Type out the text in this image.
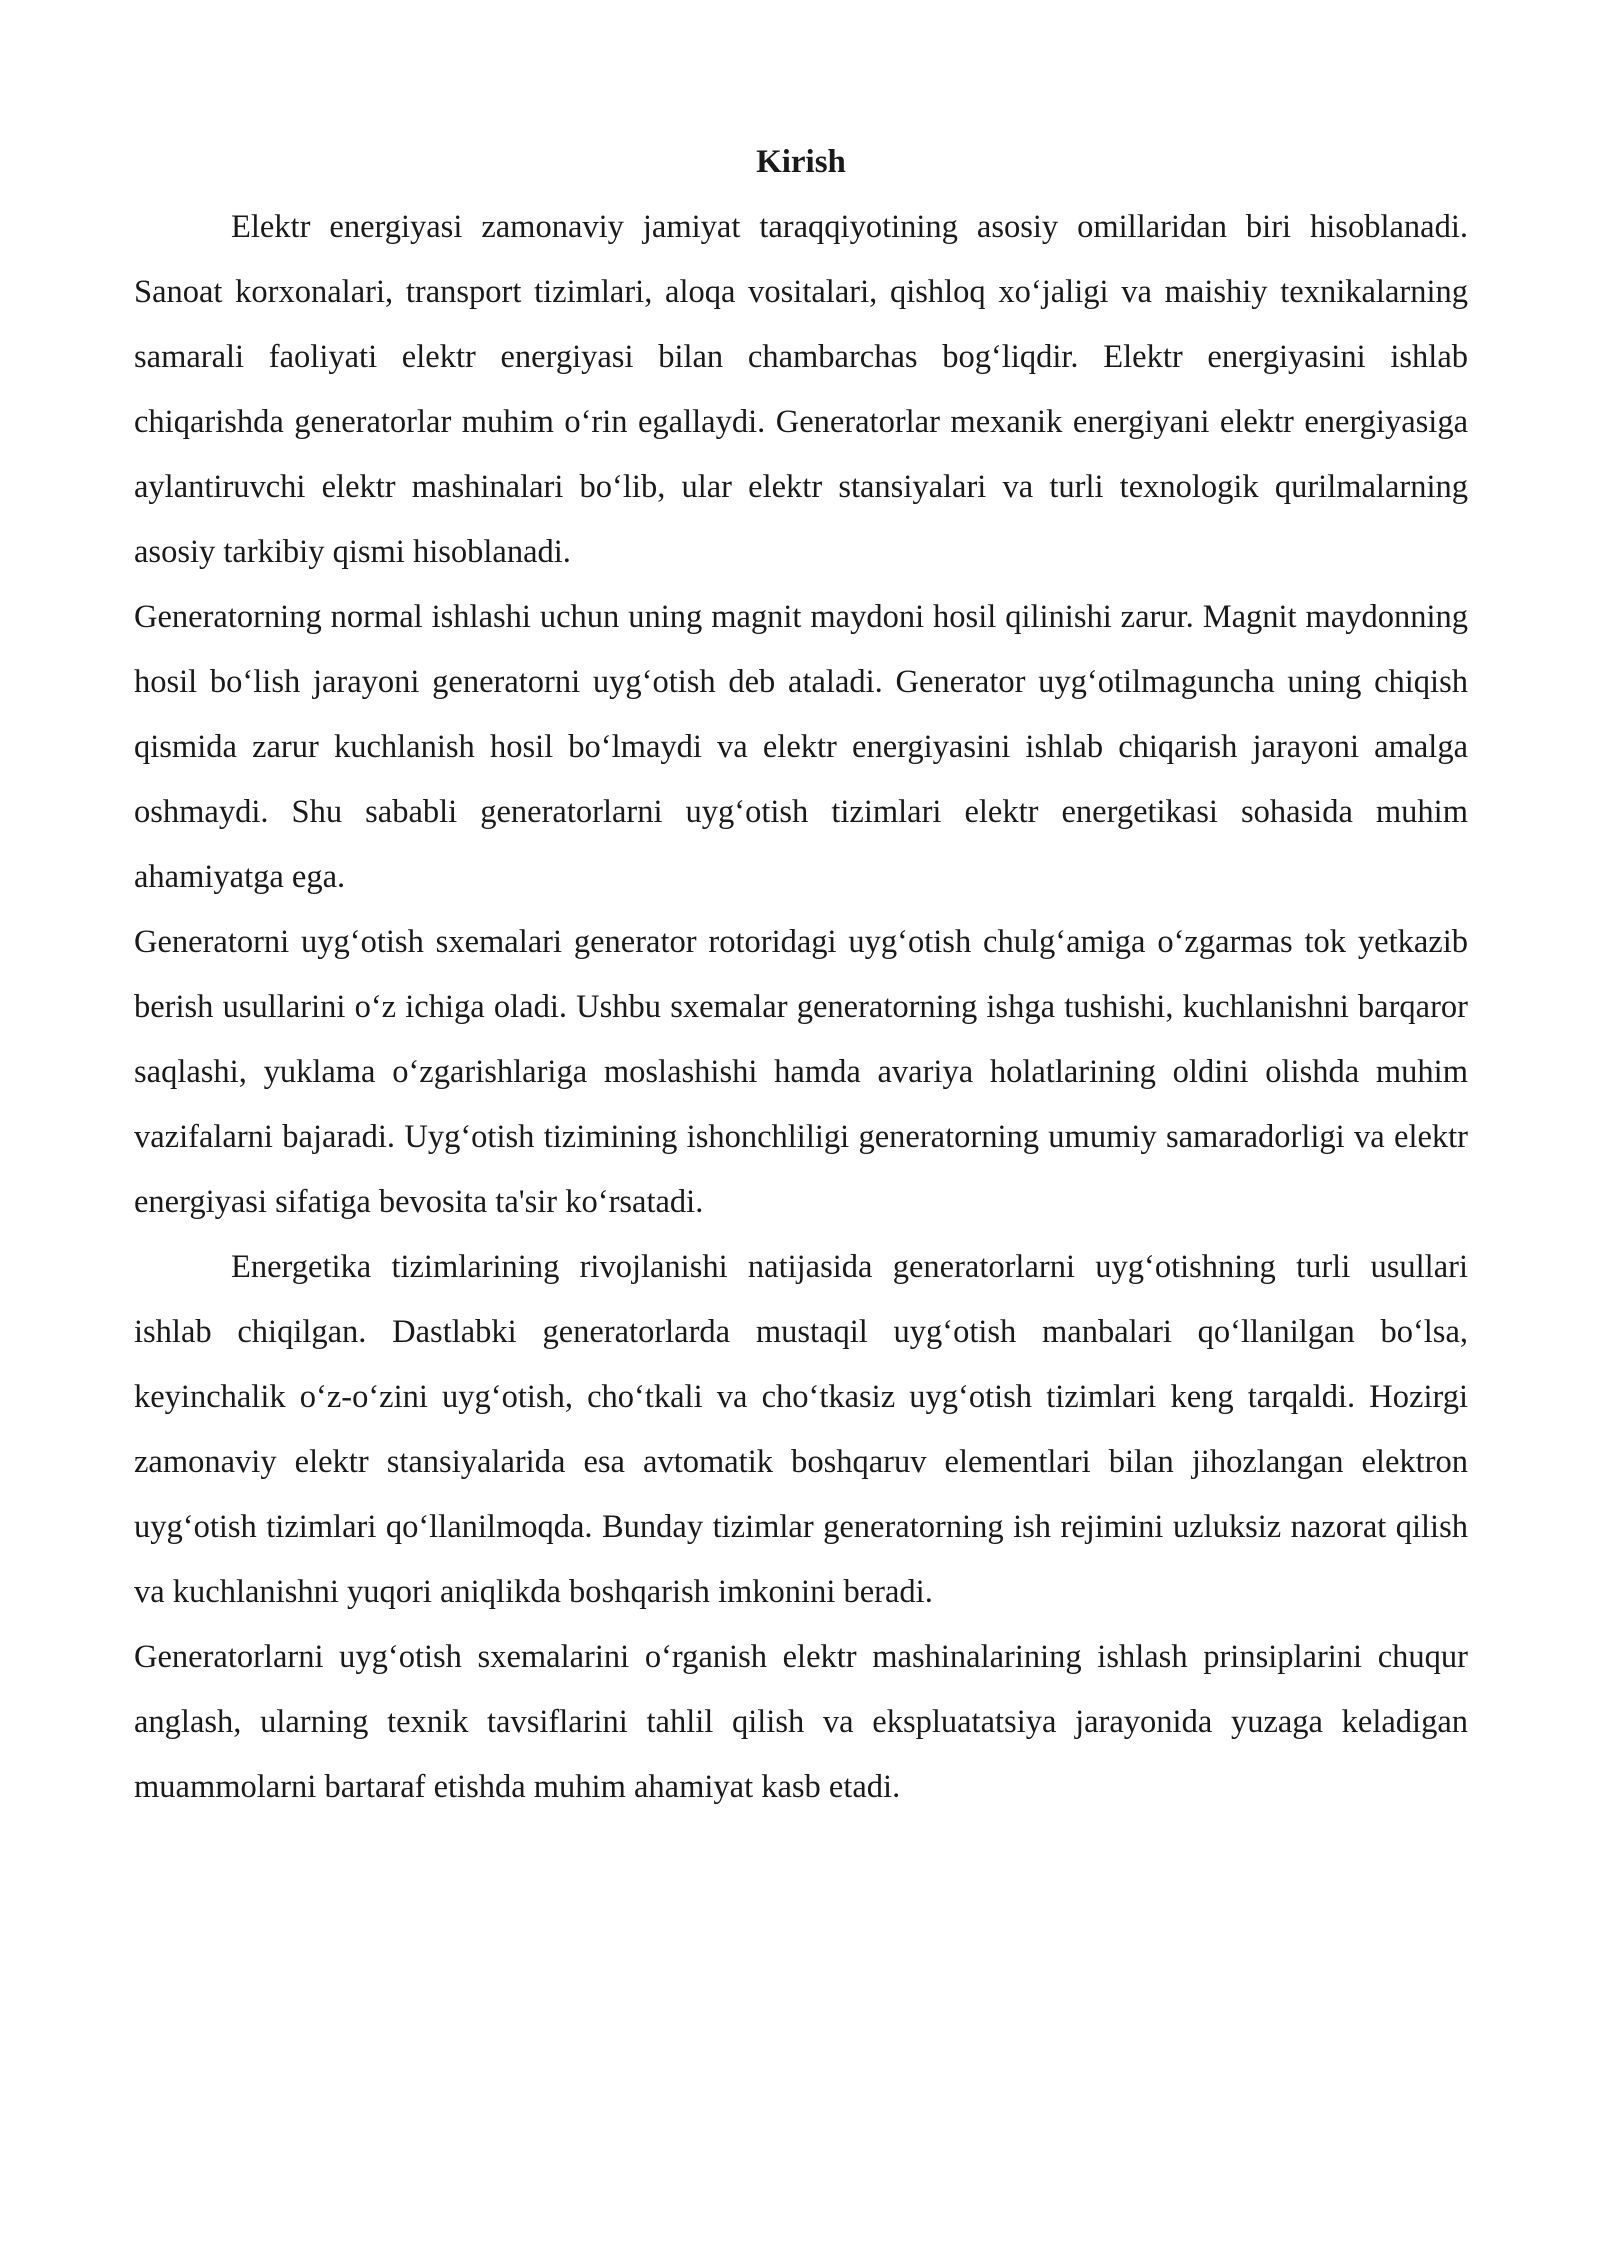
Kirish

Elektr energiyasi zamonaviy jamiyat taraqqiyotining asosiy omillaridan biri hisoblanadi. Sanoat korxonalari, transport tizimlari, aloqa vositalari, qishloq xo‘jaligi va maishiy texnikalarning samarali faoliyati elektr energiyasi bilan chambarchas bog‘liqdir. Elektr energiyasini ishlab chiqarishda generatorlar muhim o‘rin egallaydi. Generatorlar mexanik energiyani elektr energiyasiga aylantiruvchi elektr mashinalari bo‘lib, ular elektr stansiyalari va turli texnologik qurilmalarning asosiy tarkibiy qismi hisoblanadi.

Generatorning normal ishlashi uchun uning magnit maydoni hosil qilinishi zarur. Magnit maydonning hosil bo‘lish jarayoni generatorni uyg‘otish deb ataladi. Generator uyg‘otilmaguncha uning chiqish qismida zarur kuchlanish hosil bo‘lmaydi va elektr energiyasini ishlab chiqarish jarayoni amalga oshmaydi. Shu sababli generatorlarni uyg‘otish tizimlari elektr energetikasi sohasida muhim ahamiyatga ega.

Generatorni uyg‘otish sxemalari generator rotoridagi uyg‘otish chulg‘amiga o‘zgarmas tok yetkazib berish usullarini o‘z ichiga oladi. Ushbu sxemalar generatorning ishga tushishi, kuchlanishni barqaror saqlashi, yuklama o‘zgarishlariga moslashishi hamda avariya holatlarining oldini olishda muhim vazifalarni bajaradi. Uyg‘otish tizimining ishonchliligi generatorning umumiy samaradorligi va elektr energiyasi sifatiga bevosita ta'sir ko‘rsatadi.

Energetika tizimlarining rivojlanishi natijasida generatorlarni uyg‘otishning turli usullari ishlab chiqilgan. Dastlabki generatorlarda mustaqil uyg‘otish manbalari qo‘llanilgan bo‘lsa, keyinchalik o‘z-o‘zini uyg‘otish, cho‘tkali va cho‘tkasiz uyg‘otish tizimlari keng tarqaldi. Hozirgi zamonaviy elektr stansiyalarida esa avtomatik boshqaruv elementlari bilan jihozlangan elektron uyg‘otish tizimlari qo‘llanilmoqda. Bunday tizimlar generatorning ish rejimini uzluksiz nazorat qilish va kuchlanishni yuqori aniqlikda boshqarish imkonini beradi.

Generatorlarni uyg‘otish sxemalarini o‘rganish elektr mashinalarining ishlash prinsiplarini chuqur anglash, ularning texnik tavsiflarini tahlil qilish va ekspluatatsiya jarayonida yuzaga keladigan muammolarni bartaraf etishda muhim ahamiyat kasb etadi.
